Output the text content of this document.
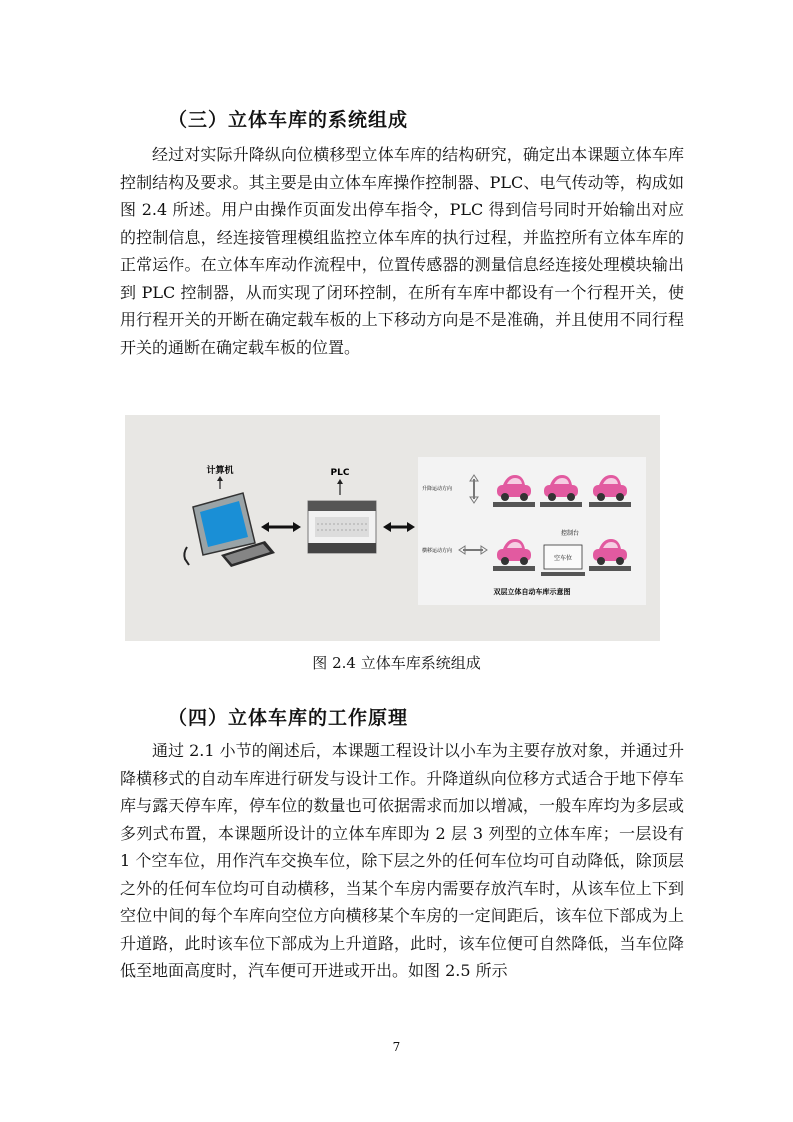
（三）立体车库的系统组成

经过对实际升降纵向位横移型立体车库的结构研究，确定出本课题立体车库控制结构及要求。其主要是由立体车库操作控制器、PLC、电气传动等，构成如图 2.4 所述。用户由操作页面发出停车指令，PLC 得到信号同时开始输出对应的控制信息，经连接管理模组监控立体车库的执行过程，并监控所有立体车库的正常运作。在立体车库动作流程中，位置传感器的测量信息经连接处理模块输出到 PLC 控制器，从而实现了闭环控制，在所有车库中都设有一个行程开关，使用行程开关的开断在确定载车板的上下移动方向是不是准确，并且使用不同行程开关的通断在确定载车板的位置。

计算机	PLC
升降运动方向
横移运动方向
控制台
空车位
双层立体自动车库示意图
图 2.4 立体车库系统组成
（四）立体车库的工作原理

通过 2.1 小节的阐述后，本课题工程设计以小车为主要存放对象，并通过升降横移式的自动车库进行研发与设计工作。升降道纵向位移方式适合于地下停车库与露天停车库，停车位的数量也可依据需求而加以增减，一般车库均为多层或多列式布置，本课题所设计的立体车库即为 2 层 3 列型的立体车库；一层设有 1 个空车位，用作汽车交换车位，除下层之外的任何车位均可自动降低，除顶层之外的任何车位均可自动横移，当某个车房内需要存放汽车时，从该车位上下到空位中间的每个车库向空位方向横移某个车房的一定间距后，该车位下部成为上升道路，此时该车位下部成为上升道路，此时，该车位便可自然降低，当车位降低至地面高度时，汽车便可开进或开出。如图 2.5 所示

7
